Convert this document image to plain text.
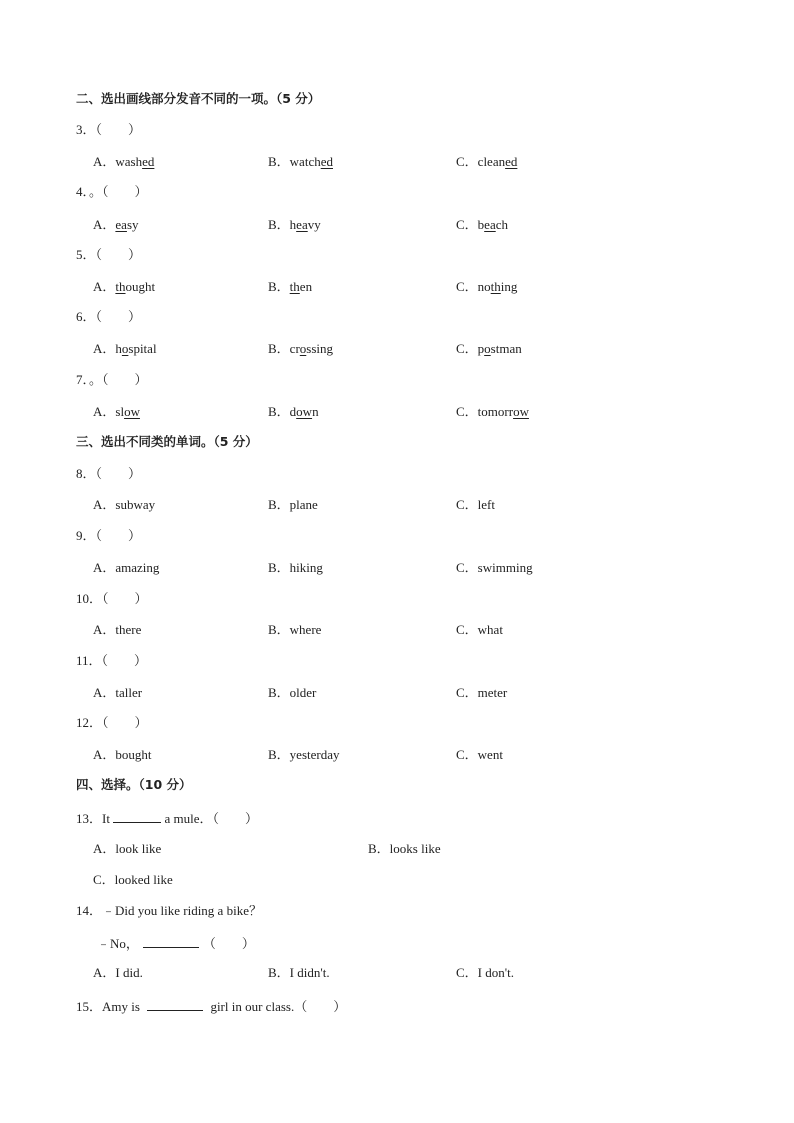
二、选出画线部分发音不同的一项。（5 分）
3．（　　）
A．washed	B．watched	C．cleaned
4．。（　　）
A．easy	B．heavy	C．beach
5．（　　）
A．thought	B．then	C．nothing
6．（　　）
A．hospital	B．crossing	C．postman
7．。（　　）
A．slow	B．down	C．tomorrow
三、选出不同类的单词。（5 分）
8．（　　）
A．subway	B．plane	C．left
9．（　　）
A．amazing	B．hiking	C．swimming
10．（　　）
A．there	B．where	C．what
11．（　　）
A．taller	B．older	C．meter
12．（　　）
A．bought	B．yesterday	C．went
四、选择。（10 分）
13．It	a mule．（　　）
A．look like	B．looks like
C．looked like
14．﹣Did you like riding a bike？
﹣No，	（　　）
A．I did.	B．I didn't.	C．I don't.
15．Amy is	girl in our class.（　　）
